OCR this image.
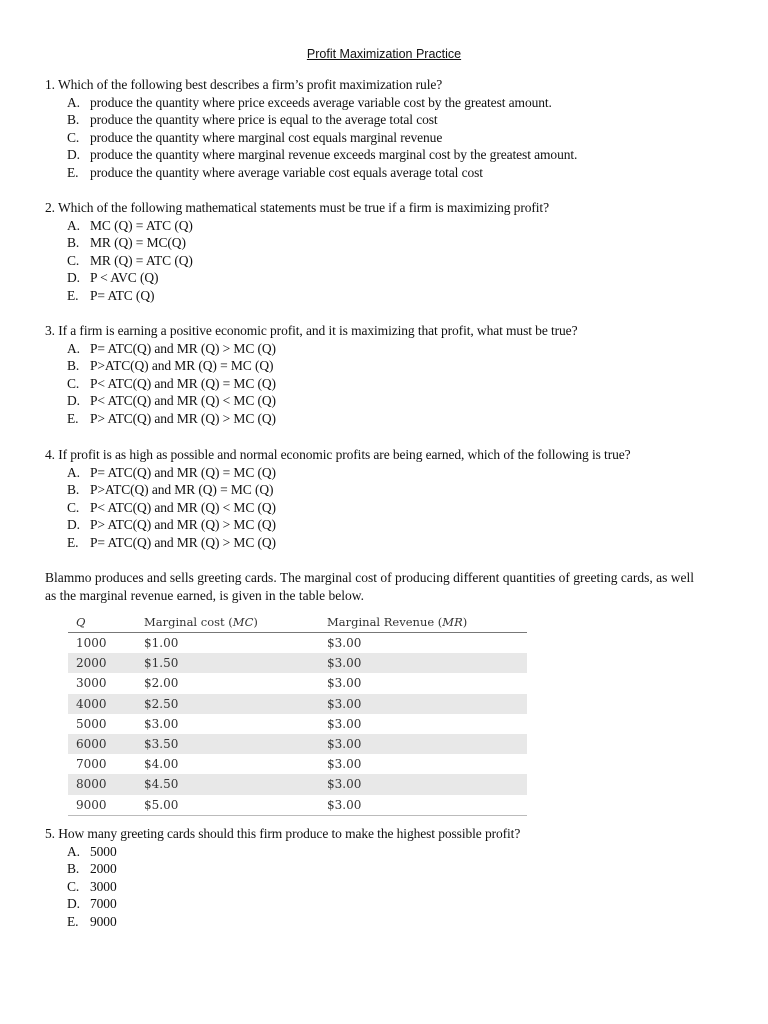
Profit Maximization Practice
1. Which of the following best describes a firm’s profit maximization rule?
A. produce the quantity where price exceeds average variable cost by the greatest amount.
B. produce the quantity where price is equal to the average total cost
C. produce the quantity where marginal cost equals marginal revenue
D. produce the quantity where marginal revenue exceeds marginal cost by the greatest amount.
E. produce the quantity where average variable cost equals average total cost
2. Which of the following mathematical statements must be true if a firm is maximizing profit?
A. MC (Q) = ATC (Q)
B. MR (Q) = MC(Q)
C. MR (Q) = ATC (Q)
D. P < AVC (Q)
E. P= ATC (Q)
3. If a firm is earning a positive economic profit, and it is maximizing that profit, what must be true?
A. P= ATC(Q) and MR (Q) > MC (Q)
B. P>ATC(Q) and MR (Q) = MC (Q)
C. P< ATC(Q) and MR (Q) = MC (Q)
D. P< ATC(Q) and MR (Q) < MC (Q)
E. P> ATC(Q) and MR (Q) > MC (Q)
4. If profit is as high as possible and normal economic profits are being earned, which of the following is true?
A. P= ATC(Q) and MR (Q) = MC (Q)
B. P>ATC(Q) and MR (Q) = MC (Q)
C. P< ATC(Q) and MR (Q) < MC (Q)
D. P> ATC(Q) and MR (Q) > MC (Q)
E. P= ATC(Q) and MR (Q) > MC (Q)
Blammo produces and sells greeting cards. The marginal cost of producing different quantities of greeting cards, as well
as the marginal revenue earned, is given in the table below.
Q	Marginal cost (MC)	Marginal Revenue (MR)
1000	$1.00	$3.00
2000	$1.50	$3.00
3000	$2.00	$3.00
4000	$2.50	$3.00
5000	$3.00	$3.00
6000	$3.50	$3.00
7000	$4.00	$3.00
8000	$4.50	$3.00
9000	$5.00	$3.00
5. How many greeting cards should this firm produce to make the highest possible profit?
A. 5000
B. 2000
C. 3000
D. 7000
E. 9000
